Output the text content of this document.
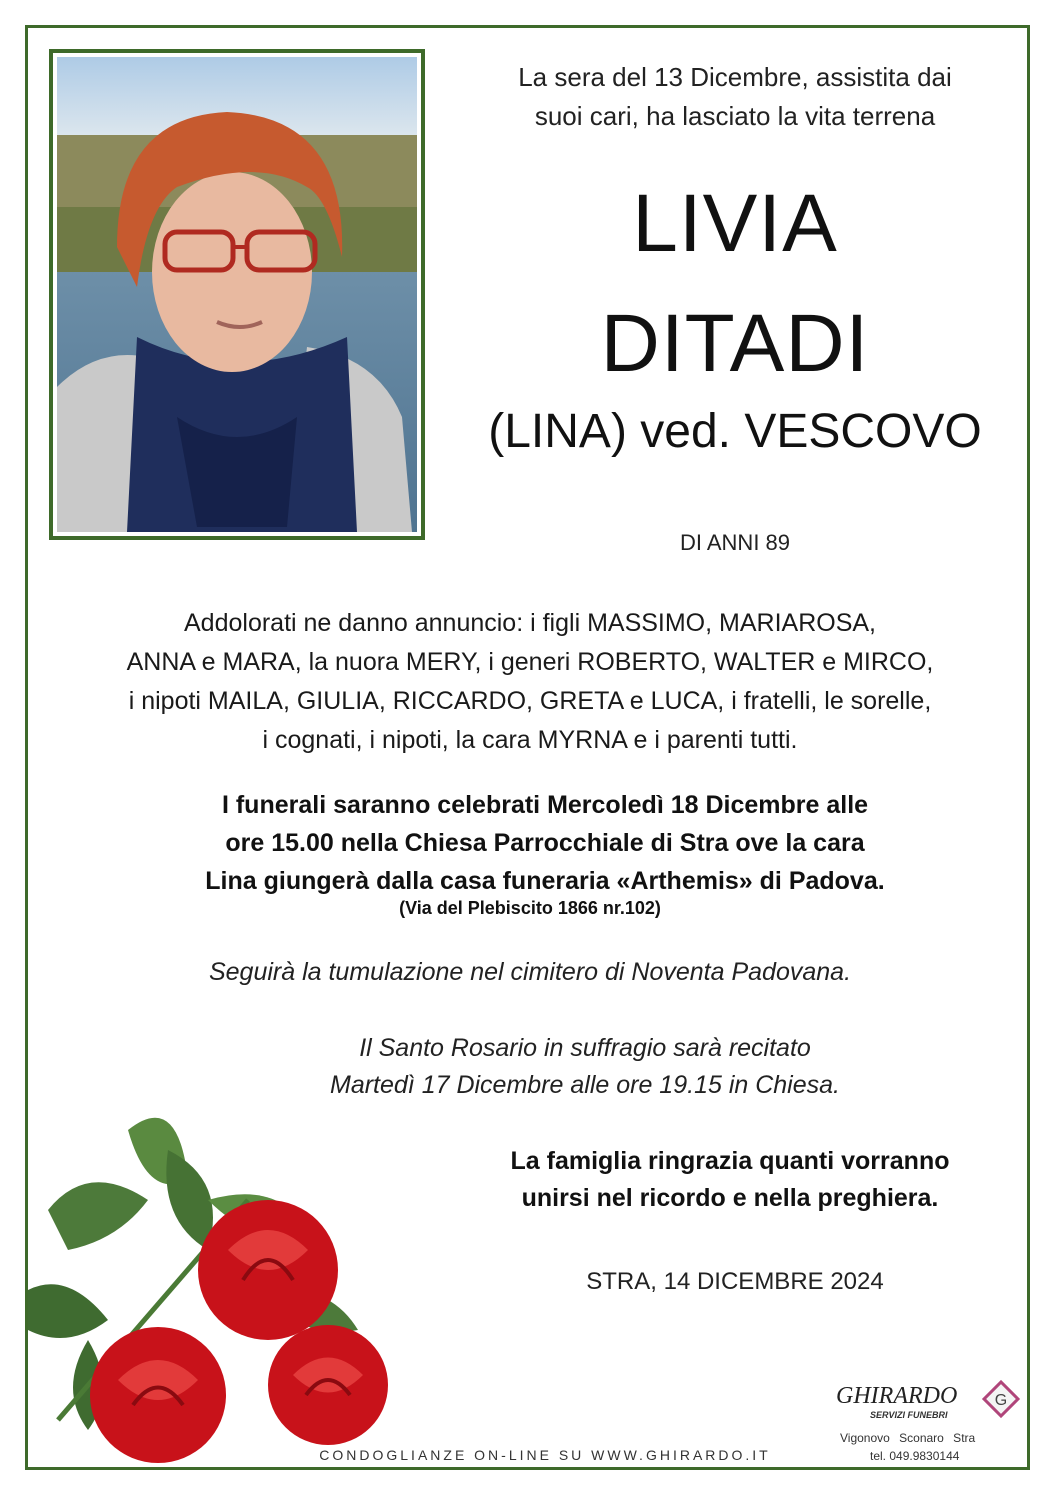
La sera del 13 Dicembre, assistita dai
suoi cari, ha lasciato la vita terrena
LIVIA
DITADI
(LINA) ved. VESCOVO
DI ANNI 89
Addolorati ne danno annuncio: i figli MASSIMO, MARIAROSA,
ANNA e MARA, la nuora MERY, i generi ROBERTO, WALTER e MIRCO,
i nipoti MAILA, GIULIA, RICCARDO, GRETA e LUCA, i fratelli, le sorelle,
i cognati, i nipoti, la cara MYRNA e i parenti tutti.
I funerali saranno celebrati Mercoledì 18 Dicembre alle
ore 15.00 nella Chiesa Parrocchiale di Stra ove la cara
Lina giungerà dalla casa funeraria «Arthemis» di Padova.
(Via del Plebiscito 1866 nr.102)
Seguirà la tumulazione nel cimitero di Noventa Padovana.
Il Santo Rosario in suffragio sarà recitato
Martedì 17 Dicembre alle ore 19.15 in Chiesa.
La famiglia ringrazia quanti vorranno
unirsi nel ricordo e nella preghiera.
STRA, 14 DICEMBRE 2024
CONDOGLIANZE ON-LINE SU WWW.GHIRARDO.IT
GHIRARDO
SERVIZI FUNEBRI
G
Vigonovo Sconaro Stra
tel. 049.9830144
